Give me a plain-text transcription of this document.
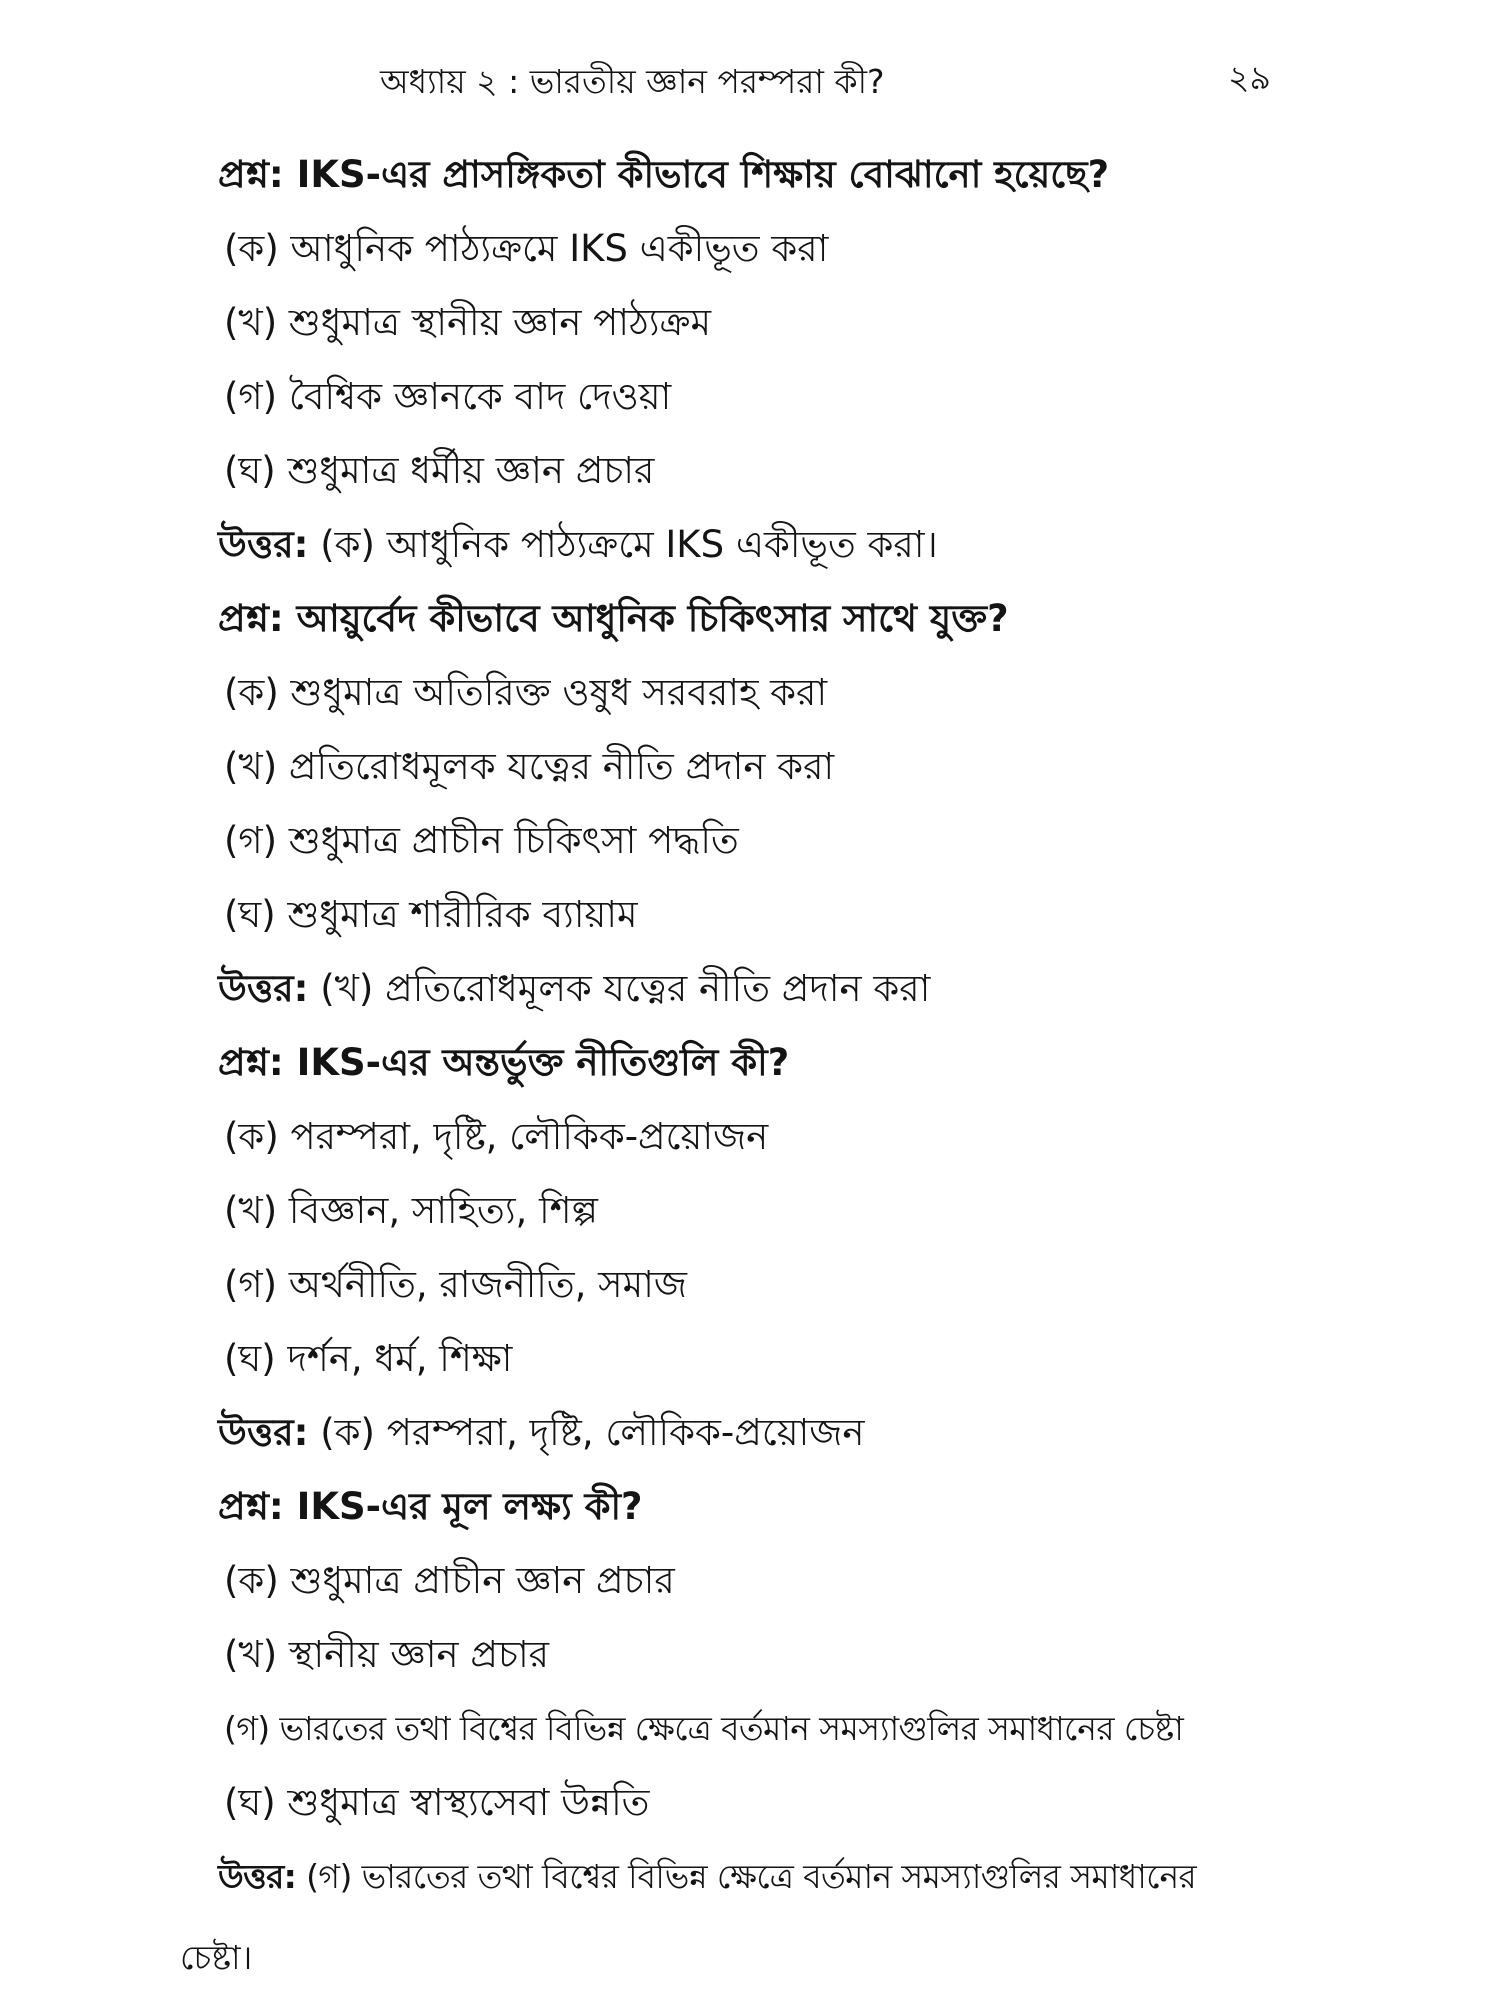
অধ্যায় ২ : ভারতীয় জ্ঞান পরম্পরা কী?	২৯
প্রশ্ন: IKS-এর প্রাসঙ্গিকতা কীভাবে শিক্ষায় বোঝানো হয়েছে?
(ক) আধুনিক পাঠ্যক্রমে IKS একীভূত করা
(খ) শুধুমাত্র স্থানীয় জ্ঞান পাঠ্যক্রম
(গ) বৈশ্বিক জ্ঞানকে বাদ দেওয়া
(ঘ) শুধুমাত্র ধর্মীয় জ্ঞান প্রচার
উত্তর: (ক) আধুনিক পাঠ্যক্রমে IKS একীভূত করা।
প্রশ্ন: আয়ুর্বেদ কীভাবে আধুনিক চিকিৎসার সাথে যুক্ত?
(ক) শুধুমাত্র অতিরিক্ত ওষুধ সরবরাহ করা
(খ) প্রতিরোধমূলক যত্নের নীতি প্রদান করা
(গ) শুধুমাত্র প্রাচীন চিকিৎসা পদ্ধতি
(ঘ) শুধুমাত্র শারীরিক ব্যায়াম
উত্তর: (খ) প্রতিরোধমূলক যত্নের নীতি প্রদান করা
প্রশ্ন: IKS-এর অন্তর্ভুক্ত নীতিগুলি কী?
(ক) পরম্পরা, দৃষ্টি, লৌকিক-প্রয়োজন
(খ) বিজ্ঞান, সাহিত্য, শিল্প
(গ) অর্থনীতি, রাজনীতি, সমাজ
(ঘ) দর্শন, ধর্ম, শিক্ষা
উত্তর: (ক) পরম্পরা, দৃষ্টি, লৌকিক-প্রয়োজন
প্রশ্ন: IKS-এর মূল লক্ষ্য কী?
(ক) শুধুমাত্র প্রাচীন জ্ঞান প্রচার
(খ) স্থানীয় জ্ঞান প্রচার
(গ) ভারতের তথা বিশ্বের বিভিন্ন ক্ষেত্রে বর্তমান সমস্যাগুলির সমাধানের চেষ্টা
(ঘ) শুধুমাত্র স্বাস্থ্যসেবা উন্নতি
উত্তর: (গ) ভারতের তথা বিশ্বের বিভিন্ন ক্ষেত্রে বর্তমান সমস্যাগুলির সমাধানের
চেষ্টা।
